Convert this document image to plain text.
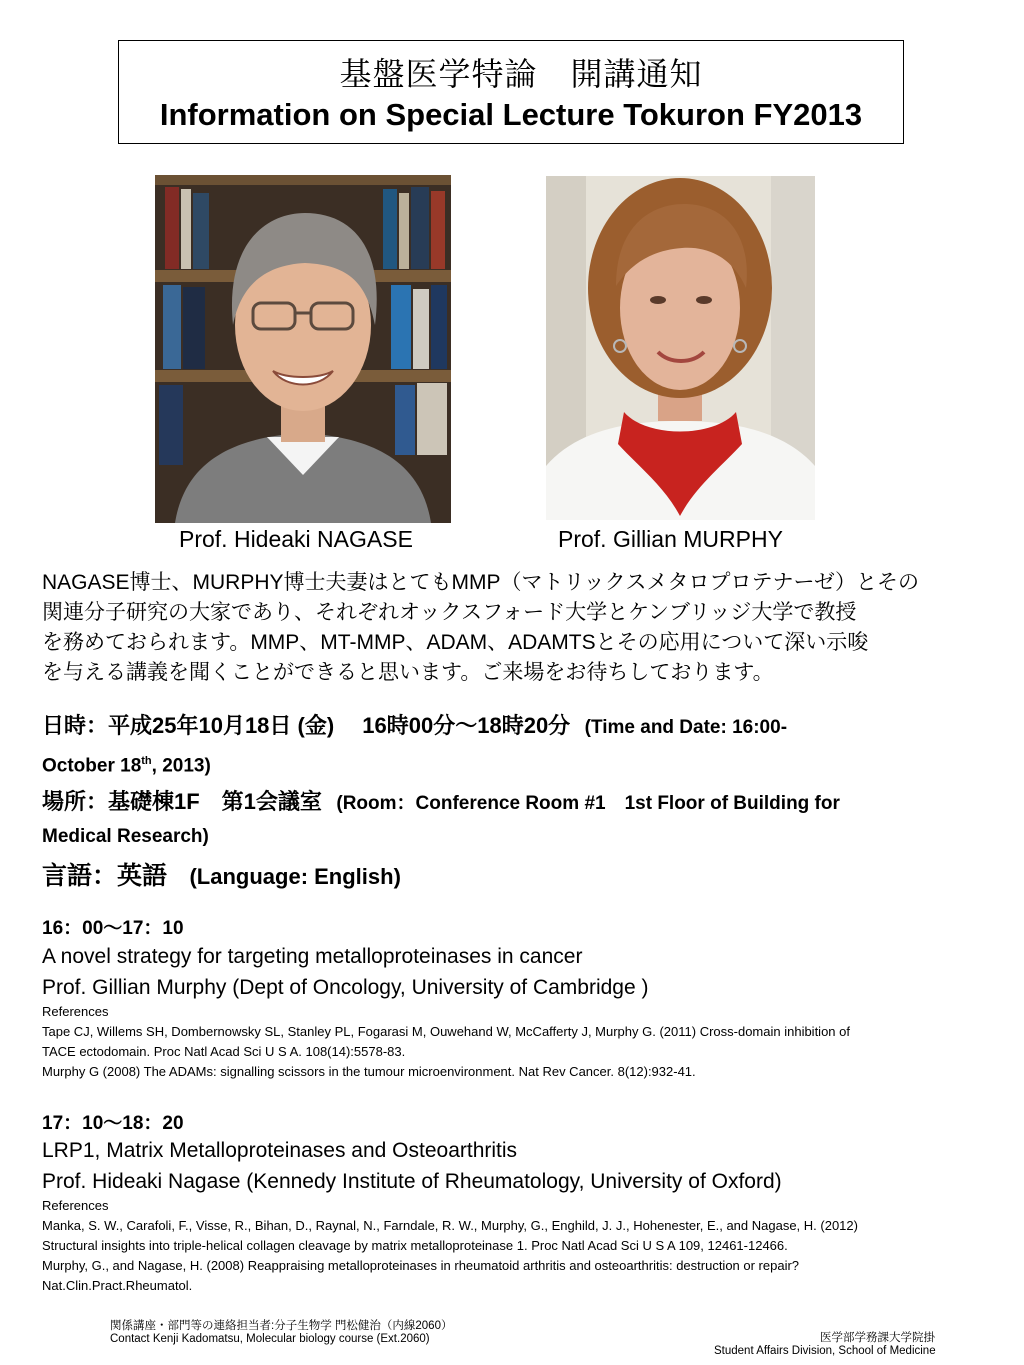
基盤医学特論　開講通知
Information on Special Lecture Tokuron FY2013
Prof. Hideaki NAGASE	Prof. Gillian MURPHY
NAGASE博士、MURPHY博士夫妻はとてもMMP（マトリックスメタロプロテナーゼ）とその
関連分子研究の大家であり、それぞれオックスフォード大学とケンブリッジ大学で教授
を務めておられます。MMP、MT-MMP、ADAM、ADAMTSとその応用について深い示唆
を与える講義を聞くことができると思います。ご来場をお待ちしております。
日時：平成25年10月18日 (金)　 16時00分～18時20分 (Time and Date: 16:00-
October 18th, 2013)
場所：基礎棟1F　第1会議室 (Room：Conference Room #1　1st Floor of Building for
Medical Research)
言語：英語 (Language: English)
16：00～17：10
A novel strategy for targeting metalloproteinases in cancer
Prof. Gillian Murphy (Dept of Oncology, University of Cambridge )
References
Tape CJ, Willems SH, Dombernowsky SL, Stanley PL, Fogarasi M, Ouwehand W, McCafferty J, Murphy G. (2011) Cross-domain inhibition of
TACE ectodomain. Proc Natl Acad Sci U S A. 108(14):5578-83.
Murphy G (2008) The ADAMs: signalling scissors in the tumour microenvironment. Nat Rev Cancer. 8(12):932-41.
17：10～18：20
LRP1, Matrix Metalloproteinases and Osteoarthritis
Prof. Hideaki Nagase (Kennedy Institute of Rheumatology, University of Oxford)
References
Manka, S. W., Carafoli, F., Visse, R., Bihan, D., Raynal, N., Farndale, R. W., Murphy, G., Enghild, J. J., Hohenester, E., and Nagase, H. (2012)
Structural insights into triple-helical collagen cleavage by matrix metalloproteinase 1. Proc Natl Acad Sci U S A 109, 12461-12466.
Murphy, G., and Nagase, H. (2008) Reappraising metalloproteinases in rheumatoid arthritis and osteoarthritis: destruction or repair?
Nat.Clin.Pract.Rheumatol.
関係講座・部門等の連絡担当者:分子生物学 門松健治（内線2060）
Contact Kenji Kadomatsu, Molecular biology course (Ext.2060)	医学部学務課大学院掛
Student Affairs Division, School of Medicine
